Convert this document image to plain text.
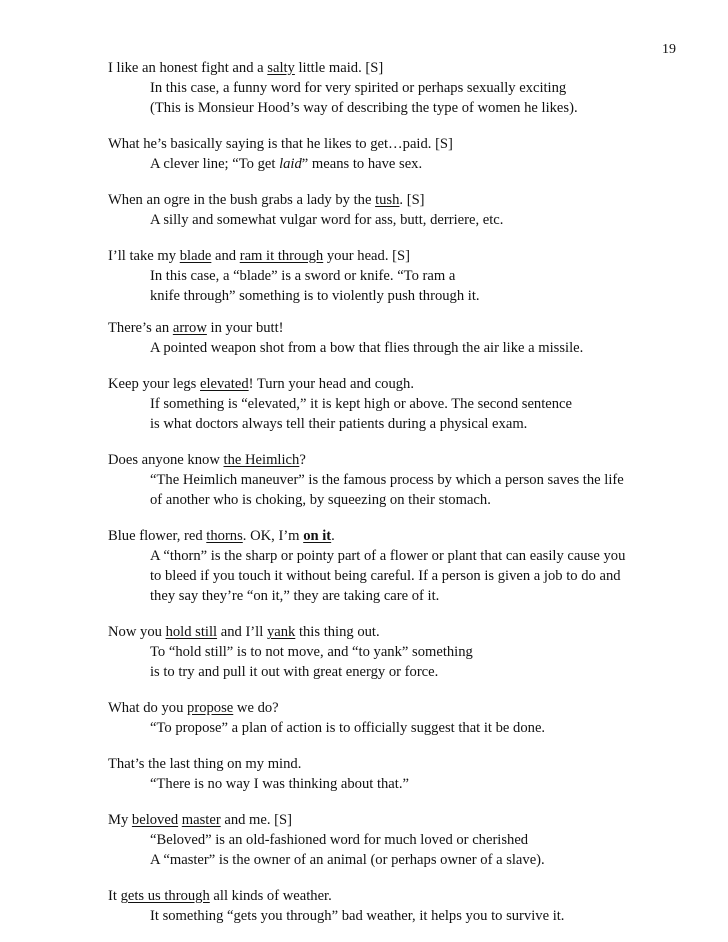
19
I like an honest fight and a salty little maid. [S]
In this case, a funny word for very spirited or perhaps sexually exciting
(This is Monsieur Hood’s way of describing the type of women he likes).
What he’s basically saying is that he likes to get…paid. [S]
A clever line; “To get laid” means to have sex.
When an ogre in the bush grabs a lady by the tush. [S]
A silly and somewhat vulgar word for ass, butt, derriere, etc.
I’ll take my blade and ram it through your head. [S]
In this case, a “blade” is a sword or knife. “To ram a
knife through” something is to violently push through it.
There’s an arrow in your butt!
A pointed weapon shot from a bow that flies through the air like a missile.
Keep your legs elevated! Turn your head and cough.
If something is “elevated,” it is kept high or above. The second sentence
is what doctors always tell their patients during a physical exam.
Does anyone know the Heimlich?
“The Heimlich maneuver” is the famous process by which a person saves the life
of another who is choking, by squeezing on their stomach.
Blue flower, red thorns. OK, I’m on it.
A “thorn” is the sharp or pointy part of a flower or plant that can easily cause you
to bleed if you touch it without being careful. If a person is given a job to do and
they say they’re “on it,” they are taking care of it.
Now you hold still and I’ll yank this thing out.
To “hold still” is to not move, and “to yank” something
is to try and pull it out with great energy or force.
What do you propose we do?
“To propose” a plan of action is to officially suggest that it be done.
That’s the last thing on my mind.
“There is no way I was thinking about that.”
My beloved master and me. [S]
“Beloved” is an old-fashioned word for much loved or cherished
A “master” is the owner of an animal (or perhaps owner of a slave).
It gets us through all kinds of weather.
It something “gets you through” bad weather, it helps you to survive it.
